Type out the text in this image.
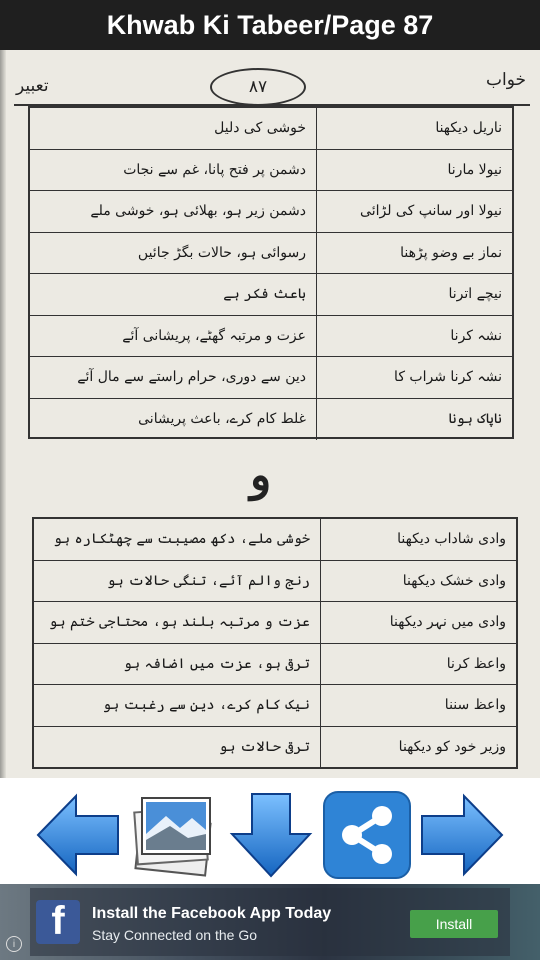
Khwab Ki Tabeer/Page 87
تعبیر	٨٧	خواب
ناریل دیکھنا
خوشی کی دلیل
نیولا مارنا
دشمن پر فتح پانا، غم سے نجات
نیولا اور سانپ کی لڑائی
دشمن زیر ہو، بھلائی ہو، خوشی ملے
نماز بے وضو پڑھنا
رسوائی ہو، حالات بگڑ جائیں
نیچے اترنا
باعث فکر ہے
نشہ کرنا
عزت و مرتبہ گھٹے، پریشانی آئے
نشہ کرنا شراب کا
دین سے دوری، حرام راستے سے مال آئے
ناپاک ہونا
غلط کام کرے، باعث پریشانی
و
وادی شاداب دیکھنا
خوشی ملے، دکھ مصیبت سے چھٹکارہ ہو
وادی خشک دیکھنا
رنج والم آئے، تنگی حالات ہو
وادی میں نہر دیکھنا
عزت و مرتبہ بلند ہو، محتاجی ختم ہو
واعظ کرنا
ترقی ہو، عزت میں اضافہ ہو
واعظ سننا
نیک کام کرے، دین سے رغبت ہو
وزیر خود کو دیکھنا
ترقی حالات ہو
f Install the Facebook App Today
Stay Connected on the Go
Install
i
